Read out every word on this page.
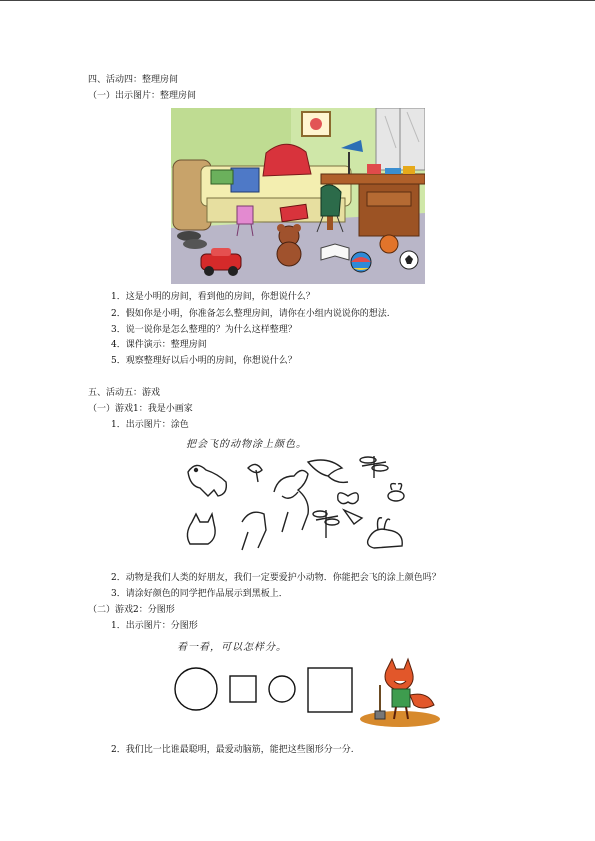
四、活动四：整理房间
（一）出示图片：整理房间
1．这是小明的房间，看到他的房间，你想说什么？
2．假如你是小明，你准备怎么整理房间，请你在小组内说说你的想法.
3．说一说你是怎么整理的？为什么这样整理？
4．课件演示：整理房间
5．观察整理好以后小明的房间，你想说什么？
五、活动五：游戏
（一）游戏1：我是小画家
1．出示图片：涂色
把会飞的动物涂上颜色。
2．动物是我们人类的好朋友，我们一定要爱护小动物．你能把会飞的涂上颜色吗？
3．请涂好颜色的同学把作品展示到黑板上．
（二）游戏2：分图形
1．出示图片：分图形
看一看，可以怎样分。
2．我们比一比谁最聪明，最爱动脑筋，能把这些图形分一分.
